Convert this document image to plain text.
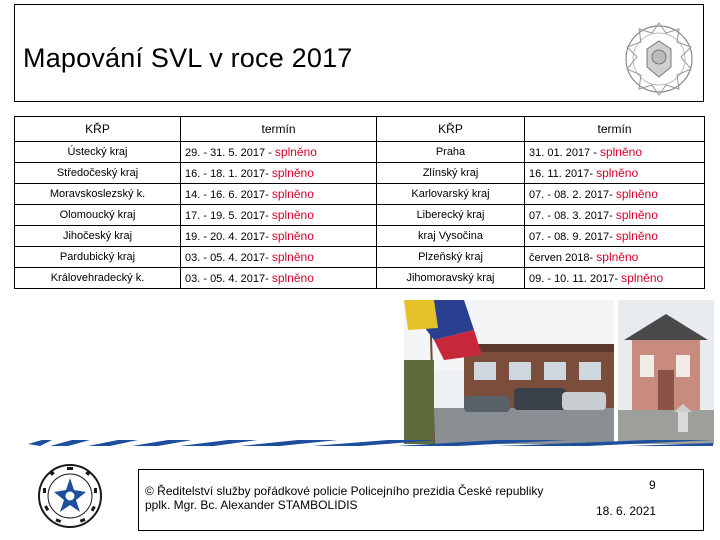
Mapování SVL v roce 2017
KŘP	termín	KŘP	termín
Ústecký kraj	29. - 31. 5. 2017 - splněno	Praha	31. 01. 2017 - splněno
Středočeský kraj	16. - 18. 1. 2017- splněno	Zlínský kraj	16. 11. 2017- splněno
Moravskoslezský k.	14. - 16. 6. 2017- splněno	Karlovarský kraj	07. - 08. 2. 2017- splněno
Olomoucký kraj	17. - 19. 5. 2017- splněno	Liberecký kraj	07. - 08. 3. 2017- splněno
Jihočeský kraj	19. - 20. 4. 2017- splněno	kraj Vysočina	07. - 08. 9. 2017- splněno
Pardubický kraj	03. - 05. 4. 2017- splněno	Plzeňský kraj	červen 2018- splněno
Královehradecký k.	03. - 05. 4. 2017- splněno	Jihomoravský kraj	09. - 10. 11. 2017- splněno
© Ředitelství služby pořádkové policie Policejního prezidia České republiky
pplk. Mgr. Bc. Alexander STAMBOLIDIS
9
18. 6. 2021
